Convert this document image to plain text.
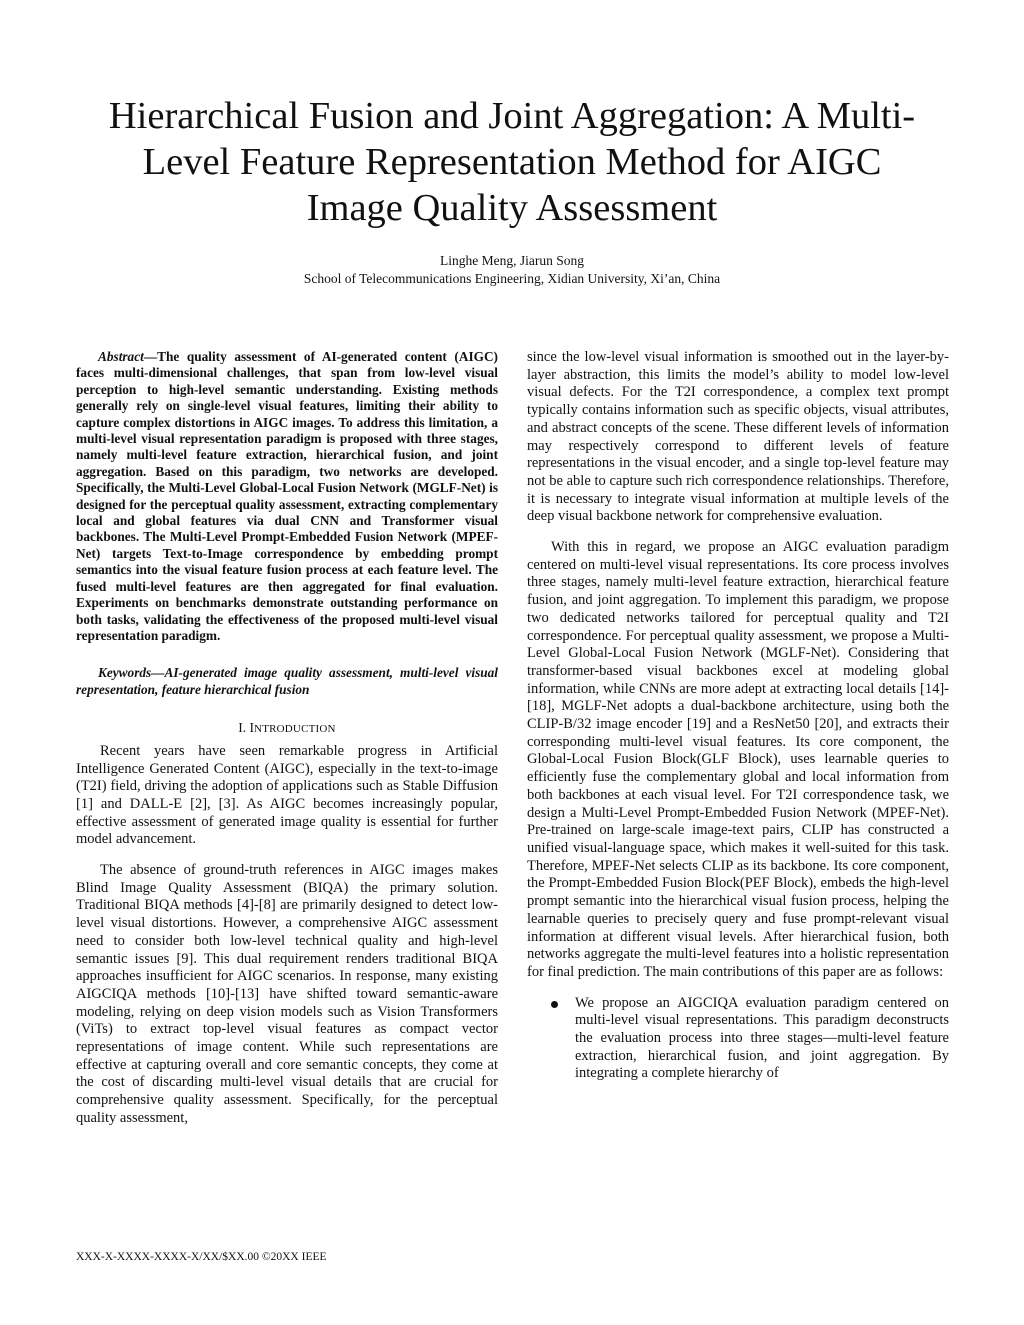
Hierarchical Fusion and Joint Aggregation: A Multi-
Level Feature Representation Method for AIGC
Image Quality Assessment
Linghe Meng, Jiarun Song
School of Telecommunications Engineering, Xidian University, Xi’an, China

Abstract—The quality assessment of AI-generated content (AIGC) faces multi-dimensional challenges, that span from low-level visual perception to high-level semantic understanding. Existing methods generally rely on single-level visual features, limiting their ability to capture complex distortions in AIGC images. To address this limitation, a multi-level visual representation paradigm is proposed with three stages, namely multi-level feature extraction, hierarchical fusion, and joint aggregation. Based on this paradigm, two networks are developed. Specifically, the Multi-Level Global-Local Fusion Network (MGLF-Net) is designed for the perceptual quality assessment, extracting complementary local and global features via dual CNN and Transformer visual backbones. The Multi-Level Prompt-Embedded Fusion Network (MPEF-Net) targets Text-to-Image correspondence by embedding prompt semantics into the visual feature fusion process at each feature level. The fused multi-level features are then aggregated for final evaluation. Experiments on benchmarks demonstrate outstanding performance on both tasks, validating the effectiveness of the proposed multi-level visual representation paradigm.

Keywords—AI-generated image quality assessment, multi-level visual representation, feature hierarchical fusion

I. INTRODUCTION

Recent years have seen remarkable progress in Artificial Intelligence Generated Content (AIGC), especially in the text-to-image (T2I) field, driving the adoption of applications such as Stable Diffusion [1] and DALL-E [2], [3]. As AIGC becomes increasingly popular, effective assessment of generated image quality is essential for further model advancement.

The absence of ground-truth references in AIGC images makes Blind Image Quality Assessment (BIQA) the primary solution. Traditional BIQA methods [4]-[8] are primarily designed to detect low-level visual distortions. However, a comprehensive AIGC assessment need to consider both low-level technical quality and high-level semantic issues [9]. This dual requirement renders traditional BIQA approaches insufficient for AIGC scenarios. In response, many existing AIGCIQA methods [10]-[13] have shifted toward semantic-aware modeling, relying on deep vision models such as Vision Transformers (ViTs) to extract top-level visual features as compact vector representations of image content. While such representations are effective at capturing overall and core semantic concepts, they come at the cost of discarding multi-level visual details that are crucial for comprehensive quality assessment. Specifically, for the perceptual quality assessment,

since the low-level visual information is smoothed out in the layer-by-layer abstraction, this limits the model’s ability to model low-level visual defects. For the T2I correspondence, a complex text prompt typically contains information such as specific objects, visual attributes, and abstract concepts of the scene. These different levels of information may respectively correspond to different levels of feature representations in the visual encoder, and a single top-level feature may not be able to capture such rich correspondence relationships. Therefore, it is necessary to integrate visual information at multiple levels of the deep visual backbone network for comprehensive evaluation.

With this in regard, we propose an AIGC evaluation paradigm centered on multi-level visual representations. Its core process involves three stages, namely multi-level feature extraction, hierarchical feature fusion, and joint aggregation. To implement this paradigm, we propose two dedicated networks tailored for perceptual quality and T2I correspondence. For perceptual quality assessment, we propose a Multi-Level Global-Local Fusion Network (MGLF-Net). Considering that transformer-based visual backbones excel at modeling global information, while CNNs are more adept at extracting local details [14]-[18], MGLF-Net adopts a dual-backbone architecture, using both the CLIP-B/32 image encoder [19] and a ResNet50 [20], and extracts their corresponding multi-level visual features. Its core component, the Global-Local Fusion Block(GLF Block), uses learnable queries to efficiently fuse the complementary global and local information from both backbones at each visual level. For T2I correspondence task, we design a Multi-Level Prompt-Embedded Fusion Network (MPEF-Net). Pre-trained on large-scale image-text pairs, CLIP has constructed a unified visual-language space, which makes it well-suited for this task. Therefore, MPEF-Net selects CLIP as its backbone. Its core component, the Prompt-Embedded Fusion Block(PEF Block), embeds the high-level prompt semantic into the hierarchical visual fusion process, helping the learnable queries to precisely query and fuse prompt-relevant visual information at different visual levels. After hierarchical fusion, both networks aggregate the multi-level features into a holistic representation for final prediction. The main contributions of this paper are as follows:

We propose an AIGCIQA evaluation paradigm centered on multi-level visual representations. This paradigm deconstructs the evaluation process into three stages—multi-level feature extraction, hierarchical fusion, and joint aggregation. By integrating a complete hierarchy of

XXX-X-XXXX-XXXX-X/XX/$XX.00 ©20XX IEEE
